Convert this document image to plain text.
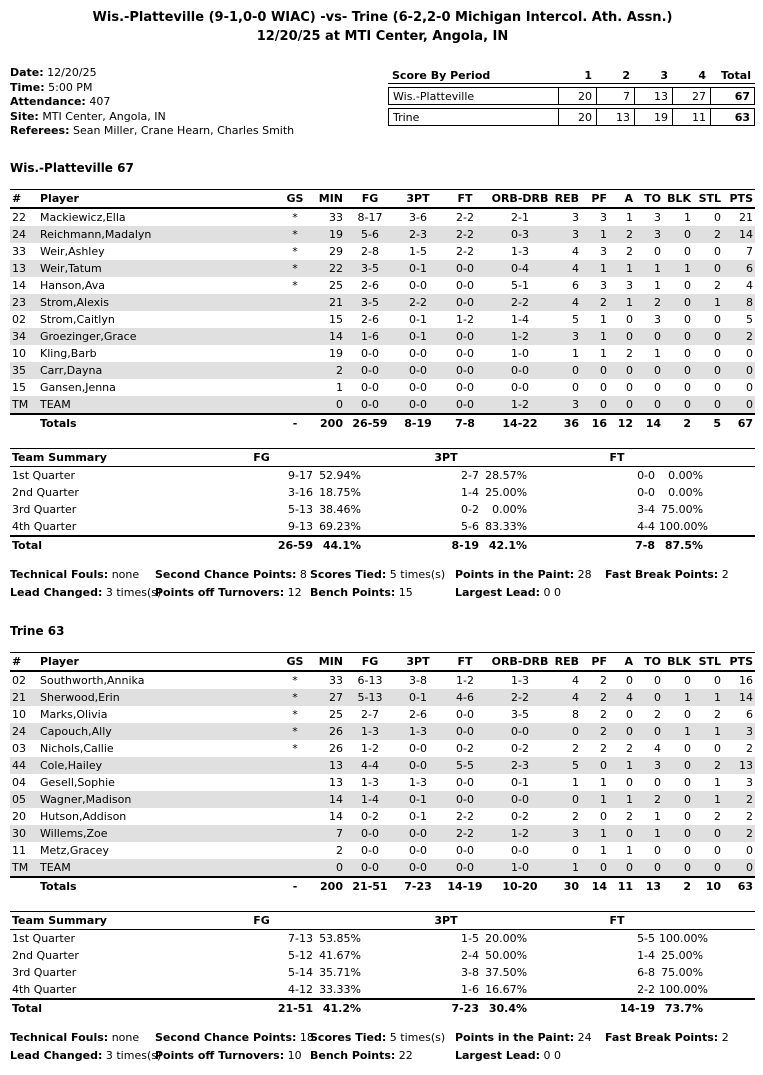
Wis.-Platteville (9-1,0-0 WIAC) -vs- Trine (6-2,2-0 Michigan Intercol. Ath. Assn.)
12/20/25 at MTI Center, Angola, IN
Date: 12/20/25
Time: 5:00 PM
Attendance: 407
Site: MTI Center, Angola, IN
Referees: Sean Miller, Crane Hearn, Charles Smith
Score By Period	1	2	3	4	Total
Wis.-Platteville	20	7	13	27	67
Trine	20	13	19	11	63
Wis.-Platteville 67
#	Player	GS	MIN	FG	3PT	FT	ORB-DRB	REB	PF	A	TO	BLK	STL	PTS
22	Mackiewicz,Ella	*	33	8-17	3-6	2-2	2-1	3	3	1	3	1	0	21
24	Reichmann,Madalyn	*	19	5-6	2-3	2-2	0-3	3	1	2	3	0	2	14
33	Weir,Ashley	*	29	2-8	1-5	2-2	1-3	4	3	2	0	0	0	7
13	Weir,Tatum	*	22	3-5	0-1	0-0	0-4	4	1	1	1	1	0	6
14	Hanson,Ava	*	25	2-6	0-0	0-0	5-1	6	3	3	1	0	2	4
23	Strom,Alexis		21	3-5	2-2	0-0	2-2	4	2	1	2	0	1	8
02	Strom,Caitlyn		15	2-6	0-1	1-2	1-4	5	1	0	3	0	0	5
34	Groezinger,Grace		14	1-6	0-1	0-0	1-2	3	1	0	0	0	0	2
10	Kling,Barb		19	0-0	0-0	0-0	1-0	1	1	2	1	0	0	0
35	Carr,Dayna		2	0-0	0-0	0-0	0-0	0	0	0	0	0	0	0
15	Gansen,Jenna		1	0-0	0-0	0-0	0-0	0	0	0	0	0	0	0
TM	TEAM		0	0-0	0-0	0-0	1-2	3	0	0	0	0	0	0
	Totals	-	200	26-59	8-19	7-8	14-22	36	16	12	14	2	5	67
Team Summary	FG		3PT		FT		
1st Quarter	9-17	52.94%	2-7	28.57%	0-0	0.00%	
2nd Quarter	3-16	18.75%	1-4	25.00%	0-0	0.00%	
3rd Quarter	5-13	38.46%	0-2	0.00%	3-4	75.00%	
4th Quarter	9-13	69.23%	5-6	83.33%	4-4	100.00%	
Total	26-59	44.1%	8-19	42.1%	7-8	87.5%	
Technical Fouls: none	Second Chance Points: 8 Scores Tied: 5 times(s) Points in the Paint: 28	Fast Break Points: 2
Lead Changed: 3 times(s)
Points off Turnovers: 12 Bench Points: 15	Largest Lead: 0 0
Trine 63
#	Player	GS	MIN	FG	3PT	FT	ORB-DRB	REB	PF	A	TO	BLK	STL	PTS
02	Southworth,Annika	*	33	6-13	3-8	1-2	1-3	4	2	0	0	0	0	16
21	Sherwood,Erin	*	27	5-13	0-1	4-6	2-2	4	2	4	0	1	1	14
10	Marks,Olivia	*	25	2-7	2-6	0-0	3-5	8	2	0	2	0	2	6
24	Capouch,Ally	*	26	1-3	1-3	0-0	0-0	0	2	0	0	1	1	3
03	Nichols,Callie	*	26	1-2	0-0	0-2	0-2	2	2	2	4	0	0	2
44	Cole,Hailey		13	4-4	0-0	5-5	2-3	5	0	1	3	0	2	13
04	Gesell,Sophie		13	1-3	1-3	0-0	0-1	1	1	0	0	0	1	3
05	Wagner,Madison		14	1-4	0-1	0-0	0-0	0	1	1	2	0	1	2
20	Hutson,Addison		14	0-2	0-1	2-2	0-2	2	0	2	1	0	2	2
30	Willems,Zoe		7	0-0	0-0	2-2	1-2	3	1	0	1	0	0	2
11	Metz,Gracey		2	0-0	0-0	0-0	0-0	0	1	1	0	0	0	0
TM	TEAM		0	0-0	0-0	0-0	1-0	1	0	0	0	0	0	0
	Totals	-	200	21-51	7-23	14-19	10-20	30	14	11	13	2	10	63
Team Summary	FG		3PT		FT		
1st Quarter	7-13	53.85%	1-5	20.00%	5-5	100.00%	
2nd Quarter	5-12	41.67%	2-4	50.00%	1-4	25.00%	
3rd Quarter	5-14	35.71%	3-8	37.50%	6-8	75.00%	
4th Quarter	4-12	33.33%	1-6	16.67%	2-2	100.00%	
Total	21-51	41.2%	7-23	30.4%	14-19	73.7%	
Technical Fouls: none	Second Chance Points: 18
Scores Tied: 5 times(s) Points in the Paint: 24	Fast Break Points: 2
Lead Changed: 3 times(s)
Points off Turnovers: 10 Bench Points: 22	Largest Lead: 0 0
